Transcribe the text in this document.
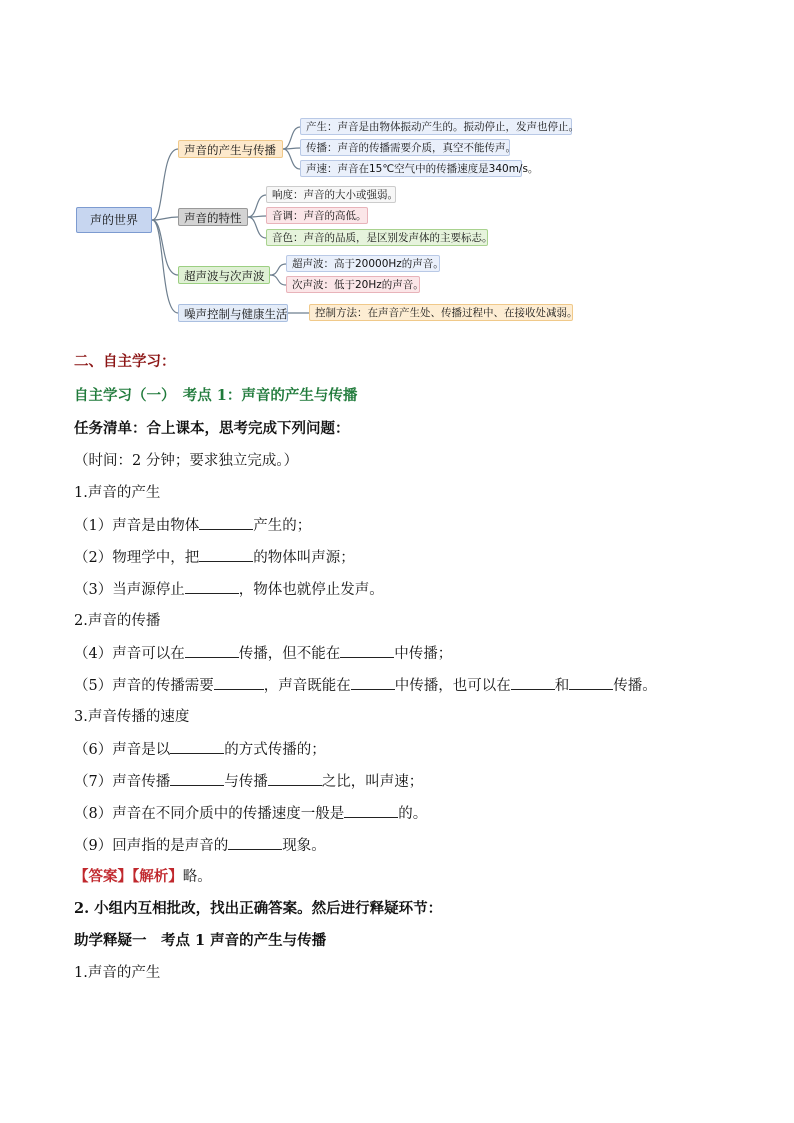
声的世界
声音的产生与传播
声音的特性
超声波与次声波
噪声控制与健康生活
产生：声音是由物体振动产生的。振动停止，发声也停止。
传播：声音的传播需要介质，真空不能传声。
声速：声音在15℃空气中的传播速度是340m/s。
响度：声音的大小或强弱。
音调：声音的高低。
音色：声音的品质，是区别发声体的主要标志。
超声波：高于20000Hz的声音。
次声波：低于20Hz的声音。
控制方法：在声音产生处、传播过程中、在接收处减弱。
二、自主学习：
自主学习（一）　考点 1：声音的产生与传播
任务清单：合上课本，思考完成下列问题：
（时间：2 分钟；要求独立完成。）
1.声音的产生
（1）声音是由物体	产生的；
（2）物理学中，把	的物体叫声源；
（3）当声源停止	，物体也就停止发声。
2.声音的传播
（4）声音可以在	传播，但不能在	中传播；
（5）声音的传播需要	，声音既能在	中传播，也可以在	和	传播。
3.声音传播的速度
（6）声音是以	的方式传播的；
（7）声音传播	与传播	之比，叫声速；
（8）声音在不同介质中的传播速度一般是	的。
（9）回声指的是声音的	现象。
【答案】【解析】略。
2. 小组内互相批改，找出正确答案。然后进行释疑环节：
助学释疑一　考点 1 声音的产生与传播
1.声音的产生
